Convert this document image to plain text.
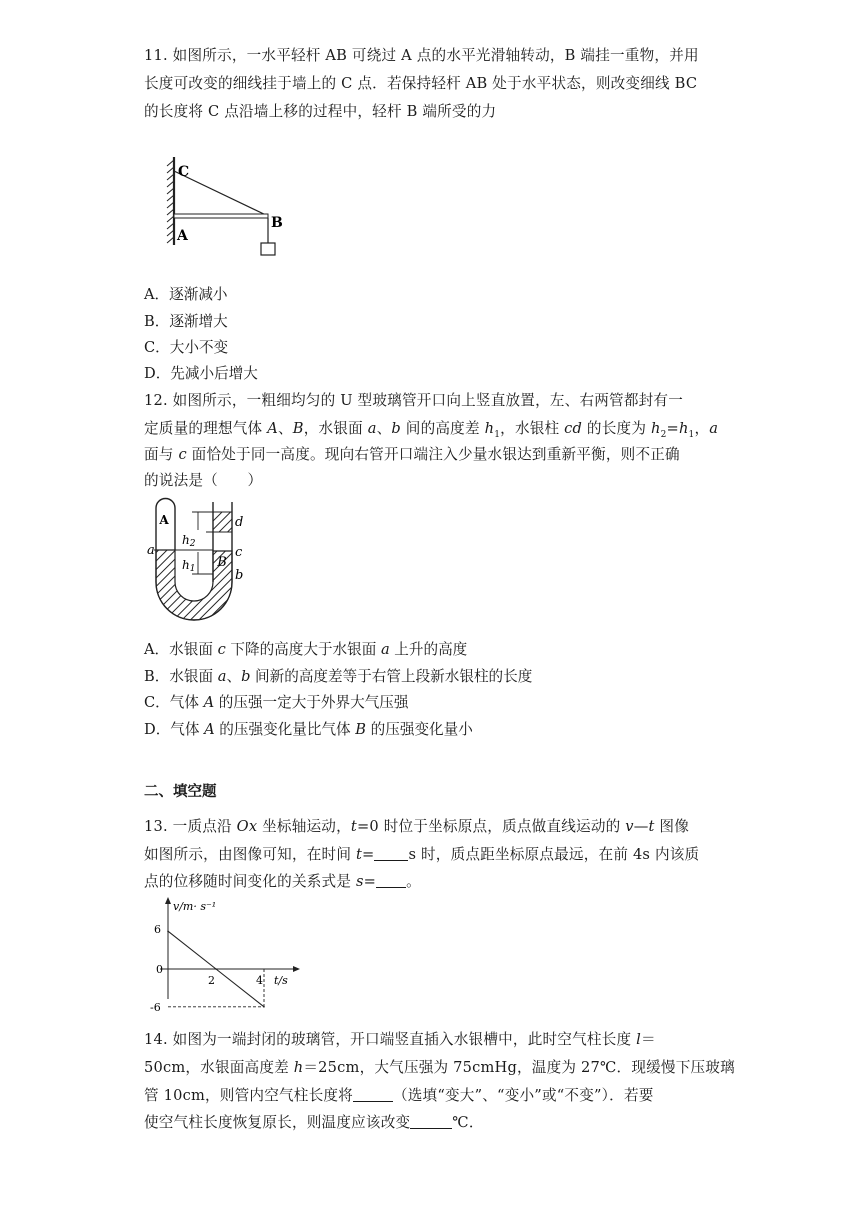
11. 如图所示，一水平轻杆 AB 可绕过 A 点的水平光滑轴转动，B 端挂一重物，并用
长度可改变的细线挂于墙上的 C 点．若保持轻杆 AB 处于水平状态，则改变细线 BC
的长度将 C 点沿墙上移的过程中，轻杆 B 端所受的力
C
A
B
A．逐渐减小
B．逐渐增大
C．大小不变
D．先减小后增大
12. 如图所示，一粗细均匀的 U 型玻璃管开口向上竖直放置，左、右两管都封有一
定质量的理想气体 A、B，水银面 a、b 间的高度差 $h_1$，水银柱 cd 的长度为 $h_2=h_1$，a
面与 c 面恰处于同一高度。现向右管开口端注入少量水银达到重新平衡，则不正确
的说法是（　　）
A
B
a
b
c
d
h2
h1
A．水银面 c 下降的高度大于水银面 a 上升的高度
B．水银面 a、b 间新的高度差等于右管上段新水银柱的长度
C．气体 A 的压强一定大于外界大气压强
D．气体 A 的压强变化量比气体 B 的压强变化量小
二、填空题
13. 一质点沿 Ox 坐标轴运动，t=0 时位于坐标原点，质点做直线运动的 v—t 图像
如图所示，由图像可知，在时间 t= s 时，质点距坐标原点最远，在前 4s 内该质
点的位移随时间变化的关系式是 s= 。
v/m· s⁻¹
t/s
6
0
-6
2	4
14. 如图为一端封闭的玻璃管，开口端竖直插入水银槽中，此时空气柱长度 l＝
50cm，水银面高度差 h＝25cm，大气压强为 75cmHg，温度为 27℃．现缓慢下压玻璃
管 10cm，则管内空气柱长度将	（选填“变大”、“变小”或“不变”）．若要
使空气柱长度恢复原长，则温度应该改变	℃．
